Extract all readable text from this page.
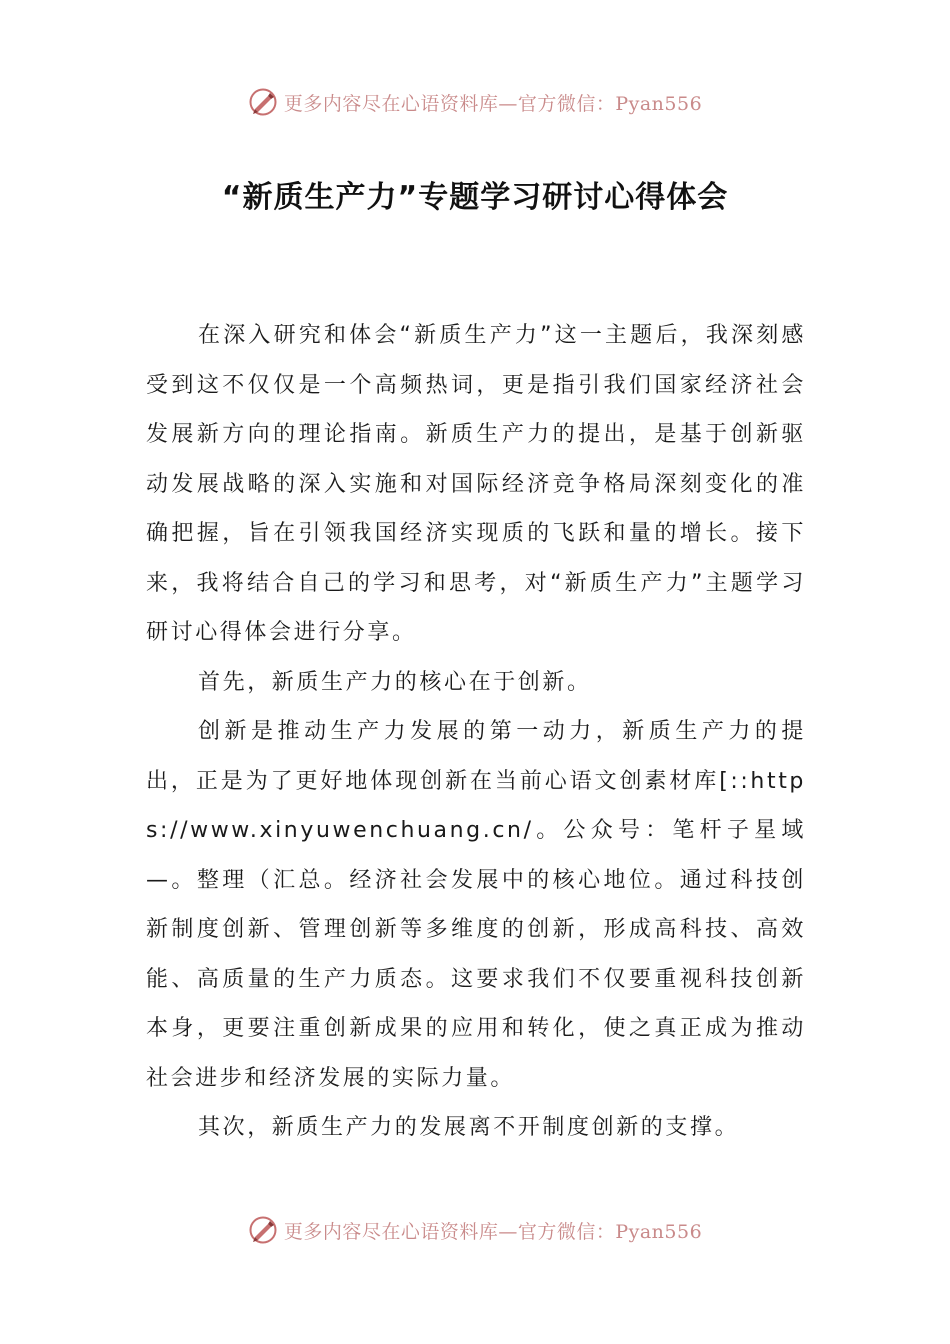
更多内容尽在心语资料库—官方微信：Pyan556
“新质生产力”专题学习研讨心得体会

在深入研究和体会“新质生产力”这一主题后，我深刻感受到这不仅仅是一个高频热词，更是指引我们国家经济社会发展新方向的理论指南。新质生产力的提出，是基于创新驱动发展战略的深入实施和对国际经济竞争格局深刻变化的准确把握，旨在引领我国经济实现质的飞跃和量的增长。接下来，我将结合自己的学习和思考，对“新质生产力”主题学习研讨心得体会进行分享。

首先，新质生产力的核心在于创新。

创新是推动生产力发展的第一动力，新质生产力的提出，正是为了更好地体现创新在当前心语文创素材库[::https://www.xinyuwenchuang.cn/。公众号：笔杆子星域—。整理（汇总。经济社会发展中的核心地位。通过科技创新制度创新、管理创新等多维度的创新，形成高科技、高效能、高质量的生产力质态。这要求我们不仅要重视科技创新本身，更要注重创新成果的应用和转化，使之真正成为推动社会进步和经济发展的实际力量。

其次，新质生产力的发展离不开制度创新的支撑。

更多内容尽在心语资料库—官方微信：Pyan556
